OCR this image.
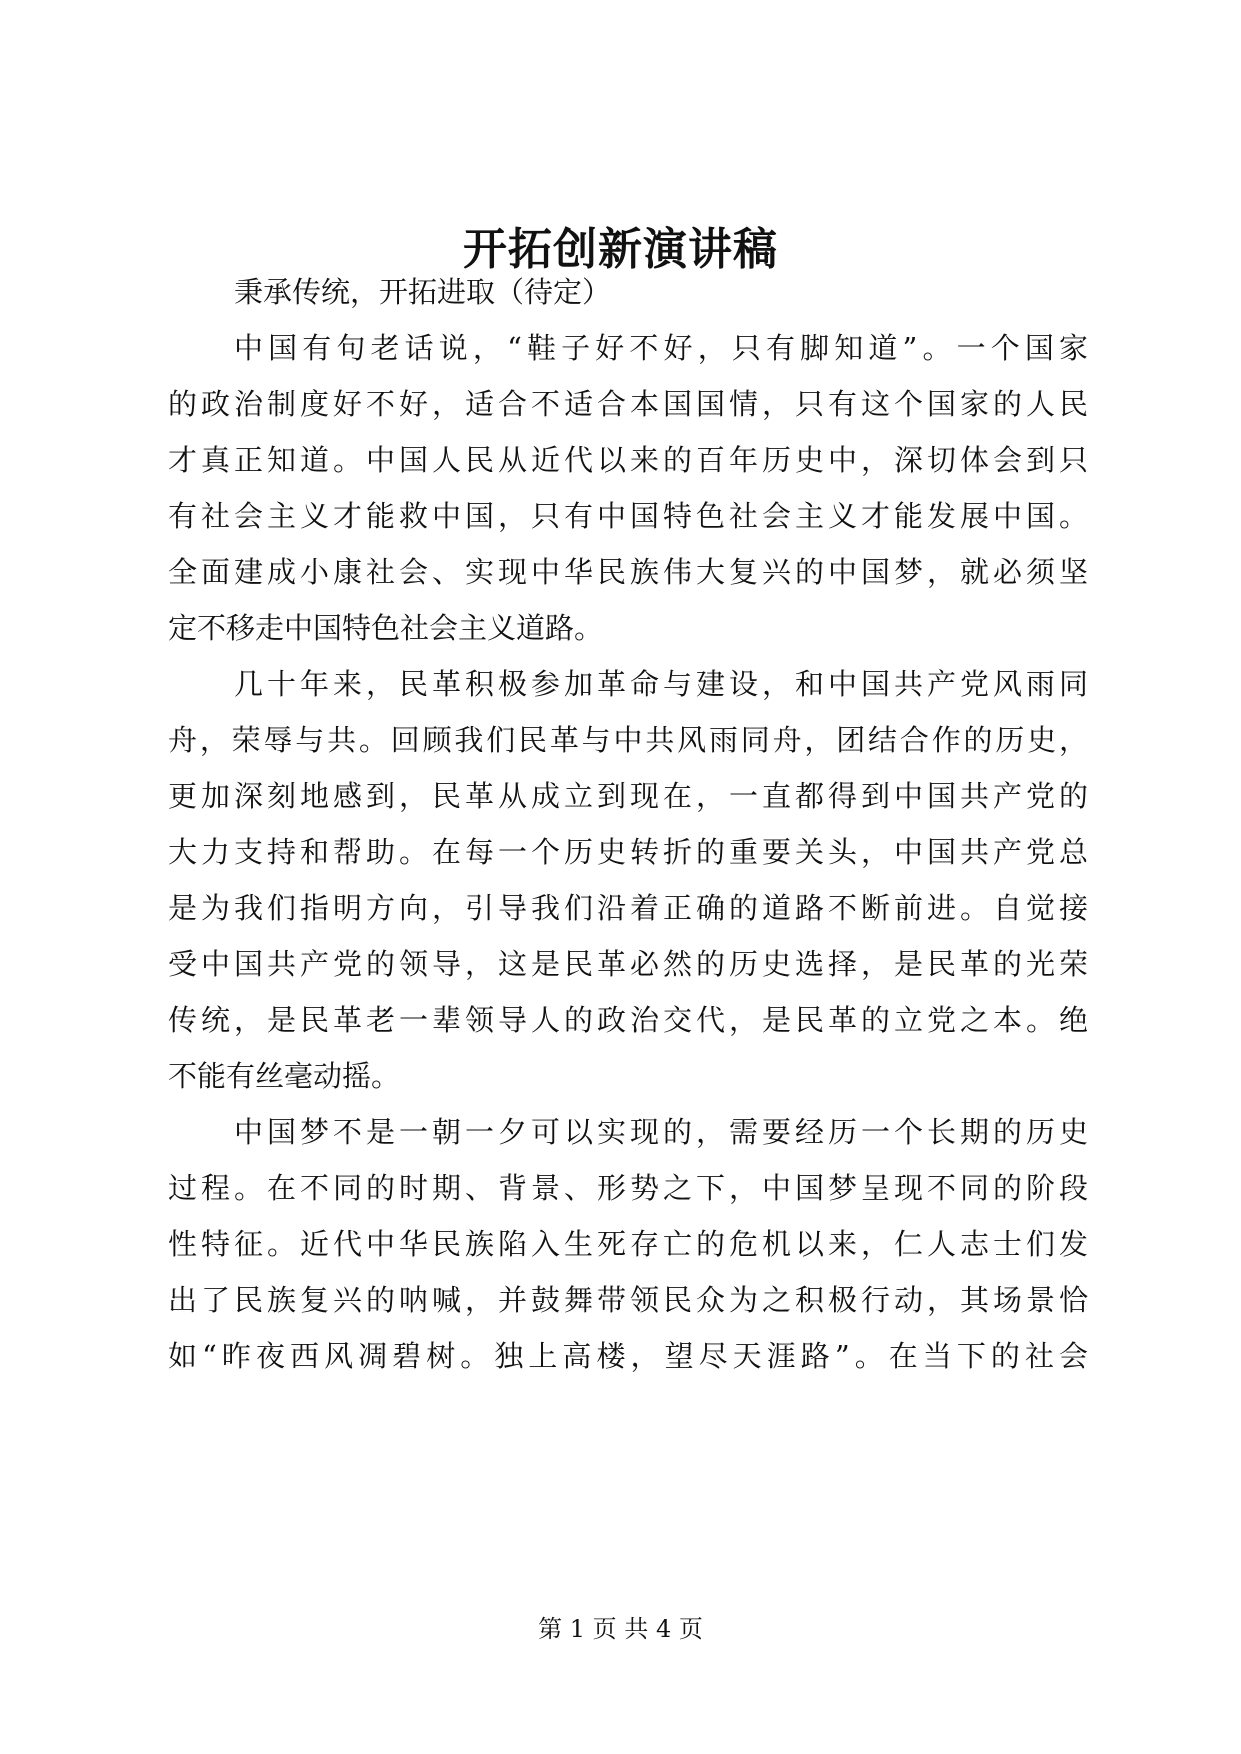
开拓创新演讲稿
秉承传统，开拓进取（待定）
中国有句老话说，“鞋子好不好，只有脚知道”。一个国家
的政治制度好不好，适合不适合本国国情，只有这个国家的人民
才真正知道。中国人民从近代以来的百年历史中，深切体会到只
有社会主义才能救中国，只有中国特色社会主义才能发展中国。
全面建成小康社会、实现中华民族伟大复兴的中国梦，就必须坚
定不移走中国特色社会主义道路。
几十年来，民革积极参加革命与建设，和中国共产党风雨同
舟，荣辱与共。回顾我们民革与中共风雨同舟，团结合作的历史，
更加深刻地感到，民革从成立到现在，一直都得到中国共产党的
大力支持和帮助。在每一个历史转折的重要关头，中国共产党总
是为我们指明方向，引导我们沿着正确的道路不断前进。自觉接
受中国共产党的领导，这是民革必然的历史选择，是民革的光荣
传统，是民革老一辈领导人的政治交代，是民革的立党之本。绝
不能有丝毫动摇。
中国梦不是一朝一夕可以实现的，需要经历一个长期的历史
过程。在不同的时期、背景、形势之下，中国梦呈现不同的阶段
性特征。近代中华民族陷入生死存亡的危机以来，仁人志士们发
出了民族复兴的呐喊，并鼓舞带领民众为之积极行动，其场景恰
如“昨夜西风凋碧树。独上高楼，望尽天涯路”。在当下的社会
第 1 页 共 4 页
